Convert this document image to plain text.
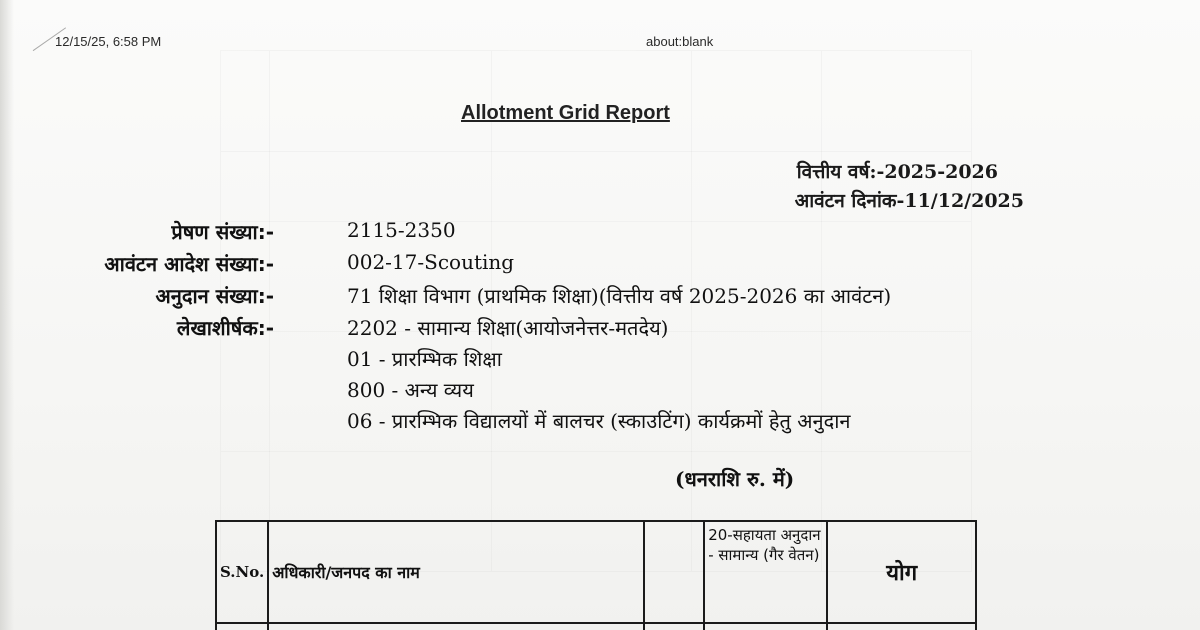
12/15/25, 6:58 PM	about:blank
Allotment Grid Report
वित्तीय वर्ष:-2025-2026
आवंटन दिनांक-11/12/2025
प्रेषण संख्या:-	2115-2350
आवंटन आदेश संख्या:-	002-17-Scouting
अनुदान संख्या:-	71 शिक्षा विभाग (प्राथमिक शिक्षा)(वित्तीय वर्ष 2025-2026 का आवंटन)
लेखाशीर्षक:-	2202 - सामान्य शिक्षा(आयोजनेत्तर-मतदेय)
01 - प्रारम्भिक शिक्षा
800 - अन्य व्यय
06 - प्रारम्भिक विद्यालयों में बालचर (स्काउटिंग) कार्यक्रमों हेतु अनुदान
(धनराशि रु. में)
S.No.	अधिकारी/जनपद का नाम		20-सहायता अनुदान - सामान्य (गैर वेतन)	योग
